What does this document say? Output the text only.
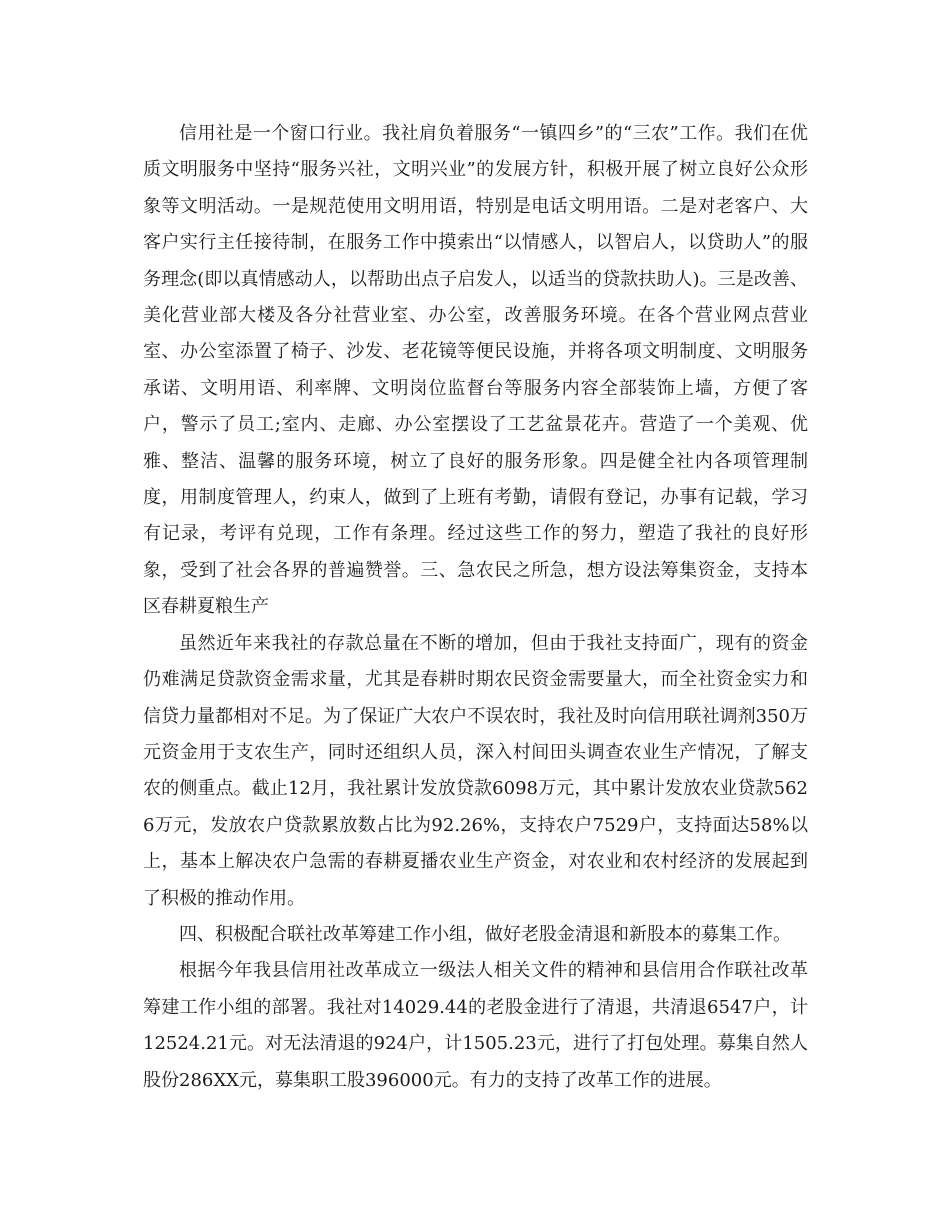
信用社是一个窗口行业。我社肩负着服务“一镇四乡”的“三农”工作。我们在优质文明服务中坚持“服务兴社，文明兴业”的发展方针，积极开展了树立良好公众形象等文明活动。一是规范使用文明用语，特别是电话文明用语。二是对老客户、大客户实行主任接待制，在服务工作中摸索出“以情感人，以智启人，以贷助人”的服务理念(即以真情感动人，以帮助出点子启发人，以适当的贷款扶助人)。三是改善、美化营业部大楼及各分社营业室、办公室，改善服务环境。在各个营业网点营业室、办公室添置了椅子、沙发、老花镜等便民设施，并将各项文明制度、文明服务承诺、文明用语、利率牌、文明岗位监督台等服务内容全部装饰上墙，方便了客户，警示了员工;室内、走廊、办公室摆设了工艺盆景花卉。营造了一个美观、优雅、整洁、温馨的服务环境，树立了良好的服务形象。四是健全社内各项管理制度，用制度管理人，约束人，做到了上班有考勤，请假有登记，办事有记载，学习有记录，考评有兑现，工作有条理。经过这些工作的努力，塑造了我社的良好形象，受到了社会各界的普遍赞誉。三、急农民之所急，想方设法筹集资金，支持本区春耕夏粮生产

虽然近年来我社的存款总量在不断的增加，但由于我社支持面广，现有的资金仍难满足贷款资金需求量，尤其是春耕时期农民资金需要量大，而全社资金实力和信贷力量都相对不足。为了保证广大农户不误农时，我社及时向信用联社调剂350万元资金用于支农生产，同时还组织人员，深入村间田头调查农业生产情况，了解支农的侧重点。截止12月，我社累计发放贷款6098万元，其中累计发放农业贷款5626万元，发放农户贷款累放数占比为92.26%，支持农户7529户，支持面达58%以上，基本上解决农户急需的春耕夏播农业生产资金，对农业和农村经济的发展起到了积极的推动作用。

四、积极配合联社改革筹建工作小组，做好老股金清退和新股本的募集工作。

根据今年我县信用社改革成立一级法人相关文件的精神和县信用合作联社改革筹建工作小组的部署。我社对14029.44的老股金进行了清退，共清退6547户，计12524.21元。对无法清退的924户，计1505.23元，进行了打包处理。募集自然人股份286XX元，募集职工股396000元。有力的支持了改革工作的进展。
